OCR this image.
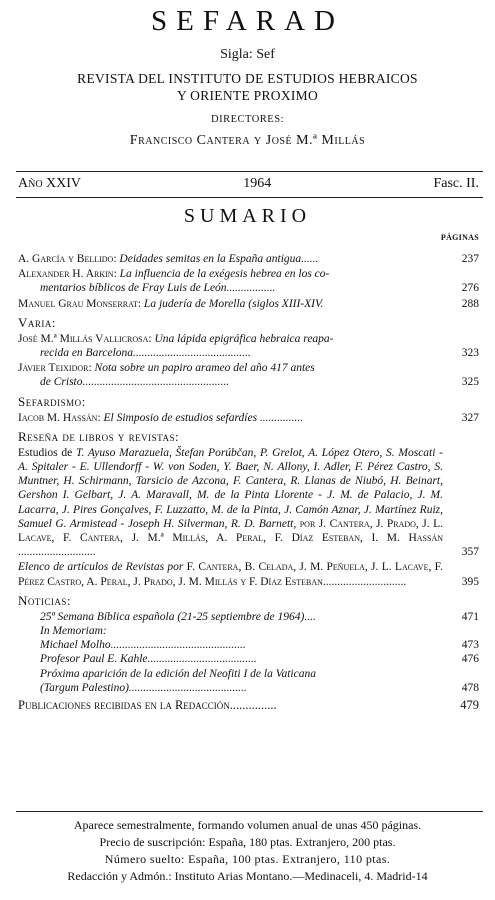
SEFARAD
Sigla: Sef
REVISTA DEL INSTITUTO DE ESTUDIOS HEBRAICOS
Y ORIENTE PROXIMO
DIRECTORES:
Francisco Cantera y José M.ª Millás
Año XXIV	1964	Fasc. II.
SUMARIO
PÁGINAS
A. García y Bellido: Deidades semitas en la España antigua......	237
Alexander H. Arkin: La influencia de la exégesis hebrea en los co-
mentarios bíblicos de Fray Luis de León.................	276
Manuel Grau Monserrat: La judería de Morella (siglos XIII-XIV.	288
Varia:
José M.ª Millás Vallicrosa: Una lápida epigráfica hebraica reapa-
recida en Barcelona.........................................	323
Javier Teixidor: Nota sobre un papiro arameo del año 417 antes
de Cristo...................................................	325
Sefardismo:
Iacob M. Hassán: El Simposio de estudios sefardíes ...............	327
Reseña de libros y revistas:
Estudios de T. Ayuso Marazuela, Štefan Porúbčan, P. Grelot, A. López Otero, S. Moscati - A. Spitaler - E. Ullendorff - W. von Soden, Y. Baer, N. Allony, I. Adler, F. Pérez Castro, S. Muntner, H. Schirmann, Tarsicio de Azcona, F. Cantera, R. Llanas de Niubó, H. Beinart, Gershon I. Gelbart, J. A. Maravall, M. de la Pinta Llorente - J. M. de Palacio, J. M. Lacarra, J. Pires Gonçalves, F. Luzzatto, M. de la Pinta, J. Camón Aznar, J. Martínez Ruiz, Samuel G. Armistead - Joseph H. Silverman, R. D. Barnett, por J. Cantera, J. Prado, J. L. Lacave, F. Cantera, J. M.ª Millás, A. Peral, F. Díaz Esteban, I. M. Hassán ...........................	357
Elenco de artículos de Revistas por F. Cantera, B. Celada, J. M. Peñuela, J. L. Lacave, F. Pérez Castro, A. Peral, J. Prado, J. M. Millás y F. Díaz Esteban.............................	395
Noticias:
25ª Semana Bíblica española (21-25 septiembre de 1964)....	471
In Memoriam:
Michael Molho...............................................	473
Profesor Paul E. Kahle......................................	476
Próxima aparición de la edición del Neofiti I de la Vaticana
(Targum Palestino).........................................	478
Publicaciones recibidas en la Redacción...............	479
Aparece semestralmente, formando volumen anual de unas 450 páginas.
Precio de suscripción: España, 180 ptas. Extranjero, 200 ptas.
Número suelto: España, 100 ptas. Extranjero, 110 ptas.
Redacción y Admón.: Instituto Arias Montano.—Medinaceli, 4. Madrid-14
